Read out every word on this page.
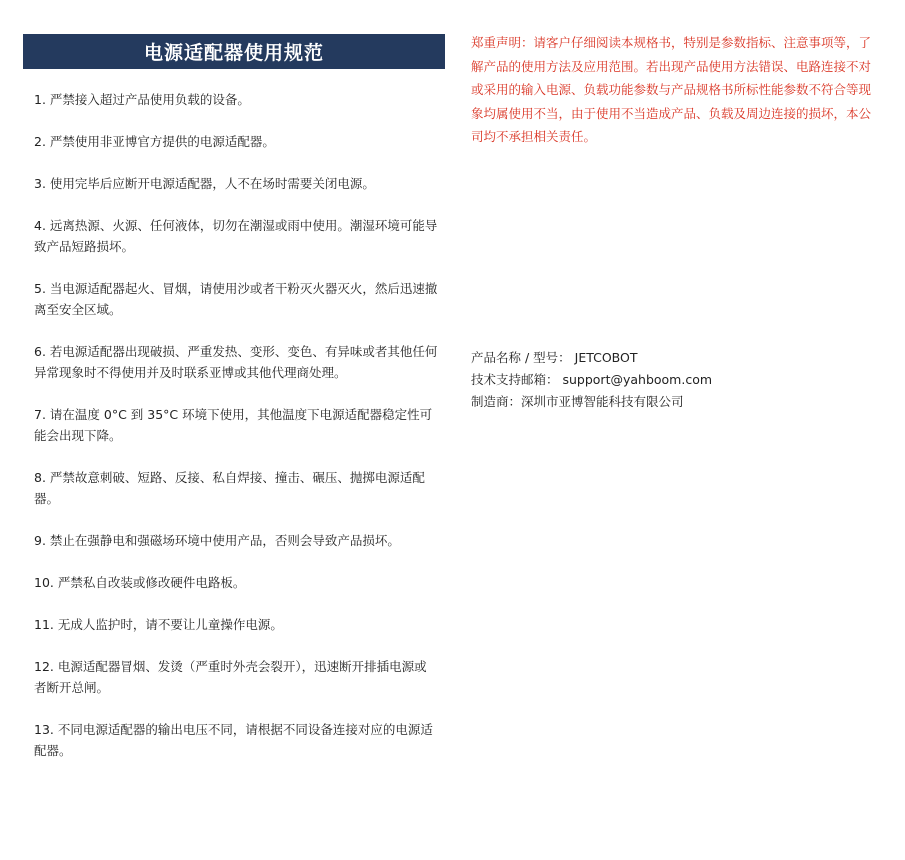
电源适配器使用规范
1. 严禁接入超过产品使用负载的设备。
2. 严禁使用非亚博官方提供的电源适配器。
3. 使用完毕后应断开电源适配器，人不在场时需要关闭电源。
4. 远离热源、火源、任何液体，切勿在潮湿或雨中使用。潮湿环境可能导致产品短路损坏。
5. 当电源适配器起火、冒烟，请使用沙或者干粉灭火器灭火，然后迅速撤离至安全区域。
6. 若电源适配器出现破损、严重发热、变形、变色、有异味或者其他任何异常现象时不得使用并及时联系亚博或其他代理商处理。
7. 请在温度 0°C 到 35°C 环境下使用，其他温度下电源适配器稳定性可能会出现下降。
8. 严禁故意刺破、短路、反接、私自焊接、撞击、碾压、抛掷电源适配器。
9. 禁止在强静电和强磁场环境中使用产品，否则会导致产品损坏。
10. 严禁私自改装或修改硬件电路板。
11. 无成人监护时，请不要让儿童操作电源。
12. 电源适配器冒烟、发烫（严重时外壳会裂开），迅速断开排插电源或者断开总闸。
13. 不同电源适配器的输出电压不同，请根据不同设备连接对应的电源适配器。
郑重声明：请客户仔细阅读本规格书，特别是参数指标、注意事项等，了解产品的使用方法及应用范围。若出现产品使用方法错误、电路连接不对或采用的输入电源、负载功能参数与产品规格书所标性能参数不符合等现象均属使用不当，由于使用不当造成产品、负载及周边连接的损坏，本公司均不承担相关责任。
产品名称 / 型号： JETCOBOT
技术支持邮箱： support@yahboom.com
制造商：深圳市亚博智能科技有限公司
